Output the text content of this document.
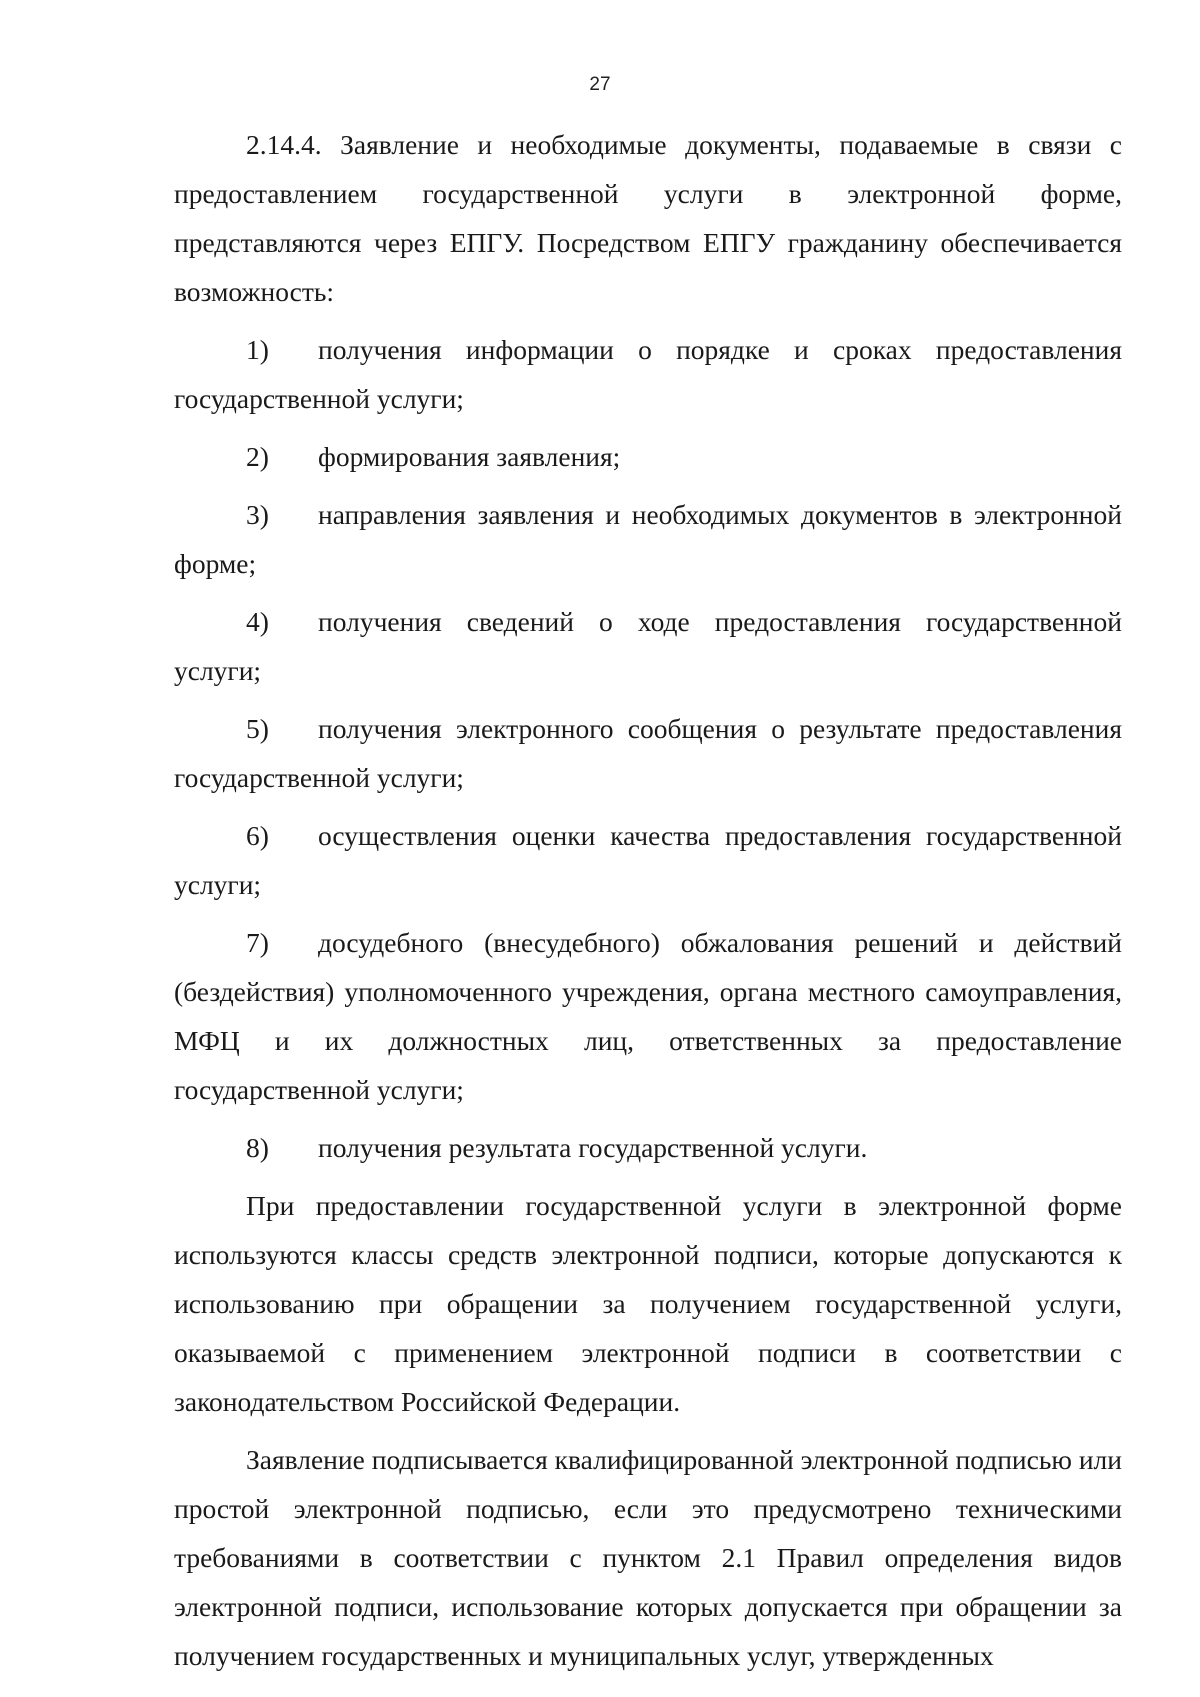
27

2.14.4. Заявление и необходимые документы, подаваемые в связи с предоставлением государственной услуги в электронной форме, представляются через ЕПГУ. Посредством ЕПГУ гражданину обеспечивается возможность:

1) получения информации о порядке и сроках предоставления государственной услуги;

2) формирования заявления;

3) направления заявления и необходимых документов в электронной форме;

4) получения сведений о ходе предоставления государственной услуги;

5) получения электронного сообщения о результате предоставления государственной услуги;

6) осуществления оценки качества предоставления государственной услуги;

7) досудебного (внесудебного) обжалования решений и действий (бездействия) уполномоченного учреждения, органа местного самоуправления, МФЦ и их должностных лиц, ответственных за предоставление государственной услуги;

8) получения результата государственной услуги.

При предоставлении государственной услуги в электронной форме используются классы средств электронной подписи, которые допускаются к использованию при обращении за получением государственной услуги, оказываемой с применением электронной подписи в соответствии с законодательством Российской Федерации.

Заявление подписывается квалифицированной электронной подписью или простой электронной подписью, если это предусмотрено техническими требованиями в соответствии с пунктом 2.1 Правил определения видов электронной подписи, использование которых допускается при обращении за получением государственных и муниципальных услуг, утвержденных
